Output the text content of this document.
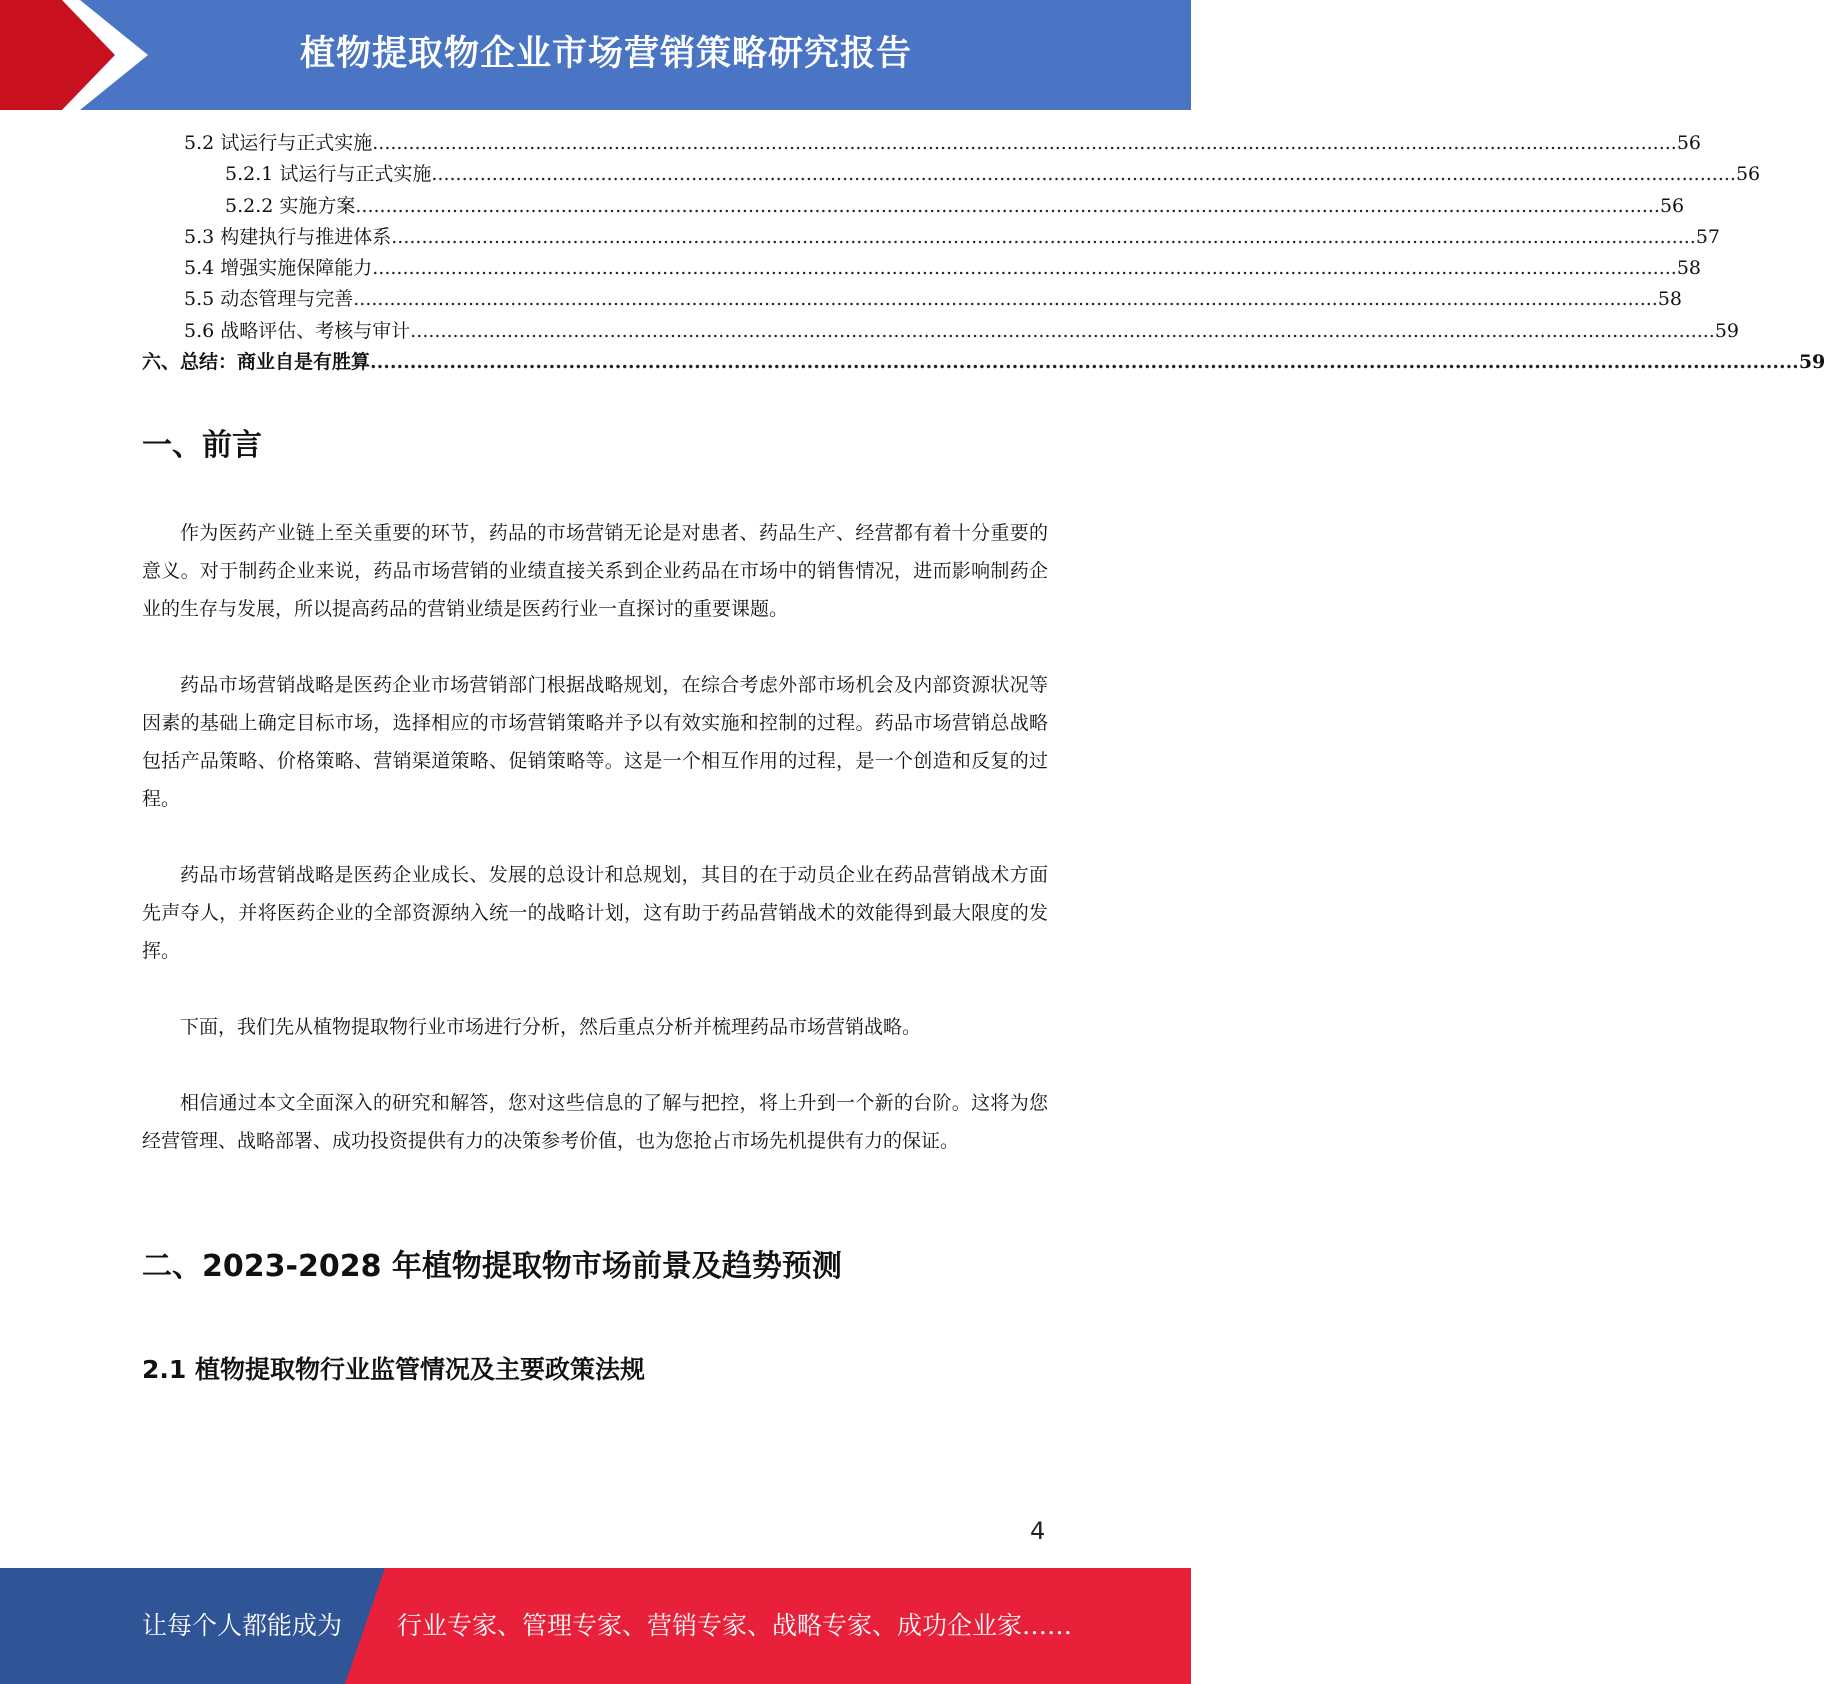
植物提取物企业市场营销策略研究报告
5.2 试运行与正式实施 ........................................................................................................................................................................................................................ 56
5.2.1 试运行与正式实施 ........................................................................................................................................................................................................................ 56
5.2.2 实施方案 ........................................................................................................................................................................................................................ 56
5.3 构建执行与推进体系 ........................................................................................................................................................................................................................ 57
5.4 增强实施保障能力 ........................................................................................................................................................................................................................ 58
5.5 动态管理与完善 ........................................................................................................................................................................................................................ 58
5.6 战略评估、考核与审计 ........................................................................................................................................................................................................................ 59
六、总结：商业自是有胜算 ........................................................................................................................................................................................................................ 59
一、前言

作为医药产业链上至关重要的环节，药品的市场营销无论是对患者、药品生产、经营都有着十分重要的意义。对于制药企业来说，药品市场营销的业绩直接关系到企业药品在市场中的销售情况，进而影响制药企业的生存与发展，所以提高药品的营销业绩是医药行业一直探讨的重要课题。

药品市场营销战略是医药企业市场营销部门根据战略规划，在综合考虑外部市场机会及内部资源状况等因素的基础上确定目标市场，选择相应的市场营销策略并予以有效实施和控制的过程。药品市场营销总战略包括产品策略、价格策略、营销渠道策略、促销策略等。这是一个相互作用的过程，是一个创造和反复的过程。

药品市场营销战略是医药企业成长、发展的总设计和总规划，其目的在于动员企业在药品营销战术方面先声夺人，并将医药企业的全部资源纳入统一的战略计划，这有助于药品营销战术的效能得到最大限度的发挥。

下面，我们先从植物提取物行业市场进行分析，然后重点分析并梳理药品市场营销战略。

相信通过本文全面深入的研究和解答，您对这些信息的了解与把控，将上升到一个新的台阶。这将为您经营管理、战略部署、成功投资提供有力的决策参考价值，也为您抢占市场先机提供有力的保证。

二、2023-2028 年植物提取物市场前景及趋势预测
2.1 植物提取物行业监管情况及主要政策法规
4
让每个人都能成为 行业专家、管理专家、营销专家、战略专家、成功企业家……
